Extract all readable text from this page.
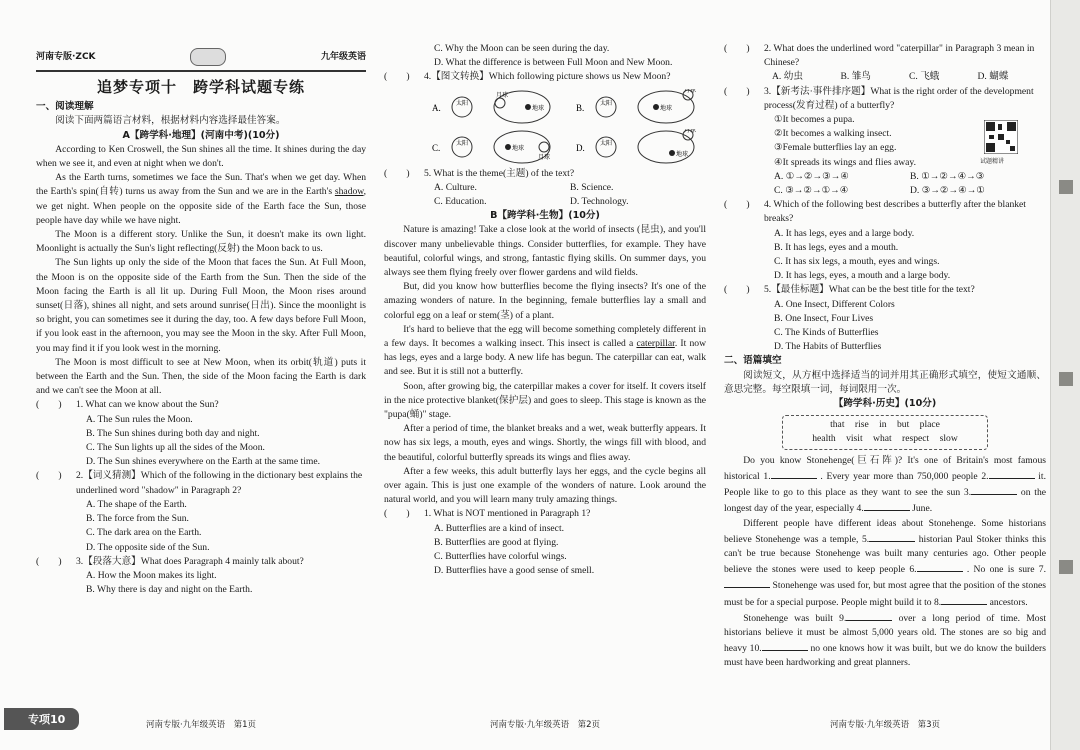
河南专版·ZCK	九年级英语
追梦专项十　跨学科试题专练
一、阅读理解

阅读下面两篇语言材料，根据材料内容选择最佳答案。

A【跨学科·地理】(河南中考)(10分)

According to Ken Croswell, the Sun shines all the time. It shines during the day when we see it, and even at night when we don't.

As the Earth turns, sometimes we face the Sun. That's when we get day. When the Earth's spin(自转) turns us away from the Sun and we are in the Earth's shadow, we get night. When people on the opposite side of the Earth face the Sun, those people have day while we have night.

The Moon is a different story. Unlike the Sun, it doesn't make its own light. Moonlight is actually the Sun's light reflecting(反射) the Moon back to us.

The Sun lights up only the side of the Moon that faces the Sun. At Full Moon, the Moon is on the opposite side of the Earth from the Sun. Then the side of the Moon facing the Earth is all lit up. During Full Moon, the Moon rises around sunset(日落), shines all night, and sets around sunrise(日出). Since the moonlight is so bright, you can sometimes see it during the day, too. A few days before Full Moon, if you look east in the afternoon, you may see the Moon in the sky. After Full Moon, you may find it if you look west in the morning.

The Moon is most difficult to see at New Moon, when its orbit(轨道) puts it between the Earth and the Sun. Then, the side of the Moon facing the Earth is dark and we can't see the Moon at all.

(　　)	1. What can we know about the Sun?
A. The Sun rules the Moon.
B. The Sun shines during both day and night.
C. The Sun lights up all the sides of the Moon.
D. The Sun shines everywhere on the Earth at the same time.
(　　)	2.【词义猜测】Which of the following in the dictionary best explains the underlined word "shadow" in Paragraph 2?
A. The shape of the Earth.
B. The force from the Sun.
C. The dark area on the Earth.
D. The opposite side of the Sun.
(　　)	3.【段落大意】What does Paragraph 4 mainly talk about?
A. How the Moon makes its light.
B. Why there is day and night on the Earth.
河南专版·九年级英语　第1页
专项10
C. Why the Moon can be seen during the day.
D. What the difference is between Full Moon and New Moon.
(　　)	4.【图文转换】Which following picture shows us New Moon?
A.	太阳
月球
地球	B.	太阳
月球
地球
C.	太阳
地球
月球
D.	太阳
月球
地球
(　　)	5. What is the theme(主题) of the text?
A. Culture.	B. Science.
C. Education.	D. Technology.
B【跨学科·生物】(10分)

Nature is amazing! Take a close look at the world of insects (昆虫), and you'll discover many unbelievable things. Consider butterflies, for example. They have beautiful, colorful wings, and strong, fantastic flying skills. On summer days, you always see them flying freely over flower gardens and wild fields.

But, did you know how butterflies become the flying insects? It's one of the amazing wonders of nature. In the beginning, female butterflies lay a small and colorful egg on a leaf or stem(茎) of a plant.

It's hard to believe that the egg will become something completely different in a few days. It becomes a walking insect. This insect is called a caterpillar. It now has legs, eyes and a large body. A new life has begun. The caterpillar can eat, walk and see. But it is still not a butterfly.

Soon, after growing big, the caterpillar makes a cover for itself. It covers itself in the nice protective blanket(保护层) and goes to sleep. This stage is known as the "pupa(蛹)" stage.

After a period of time, the blanket breaks and a wet, weak butterfly appears. It now has six legs, a mouth, eyes and wings. Shortly, the wings fill with blood, and the beautiful, colorful butterfly spreads its wings and flies away.

After a few weeks, this adult butterfly lays her eggs, and the cycle begins all over again. This is just one example of the wonders of nature. Look around the natural world, and you will learn many truly amazing things.

(　　)	1. What is NOT mentioned in Paragraph 1?
A. Butterflies are a kind of insect.
B. Butterflies are good at flying.
C. Butterflies have colorful wings.
D. Butterflies have a good sense of smell.
河南专版·九年级英语　第2页
(　　)	2. What does the underlined word "caterpillar" in Paragraph 3 mean in Chinese?
A. 幼虫	B. 雏鸟	C. 飞蛾	D. 蝴蝶
(　　)	3.【新考法·事件排序题】What is the right order of the development process(发育过程) of a butterfly?
①It becomes a pupa.
②It becomes a walking insect.
③Female butterflies lay an egg.
④It spreads its wings and flies away.
A. ①→②→③→④	B. ①→②→④→③
C. ③→②→①→④	D. ③→②→④→①
试题精讲
(　　)	4. Which of the following best describes a butterfly after the blanket breaks?
A. It has legs, eyes and a large body.
B. It has legs, eyes and a mouth.
C. It has six legs, a mouth, eyes and wings.
D. It has legs, eyes, a mouth and a large body.
(　　)	5.【最佳标题】What can be the best title for the text?
A. One Insect, Different Colors
B. One Insect, Four Lives
C. The Kinds of Butterflies
D. The Habits of Butterflies
二、语篇填空

阅读短文，从方框中选择适当的词并用其正确形式填空，使短文通顺、意思完整。每空限填一词，每词限用一次。

【跨学科·历史】(10分)
that rise in but place
health visit what respect slow

Do you know Stonehenge(巨石阵)? It's one of Britain's most famous historical 1.	. Every year more than 750,000 people 2.	it. People like to go to this place as they want to see the sun 3.	on the longest day of the year, especially 4.	June.

Different people have different ideas about Stonehenge. Some historians believe Stonehenge was a temple, 5.	historian Paul Stoker thinks this can't be true because Stonehenge was built many centuries ago. Other people believe the stones were used to keep people 6.	. No one is sure 7. Stonehenge was used for, but most agree that the position of the stones must be for a special purpose. People might build it to 8.	ancestors.

Stonehenge was built 9.	over a long period of time. Most historians believe it must be almost 5,000 years old. The stones are so big and heavy 10.	no one knows how it was built, but we do know the builders must have been hardworking and great planners.

河南专版·九年级英语　第3页
